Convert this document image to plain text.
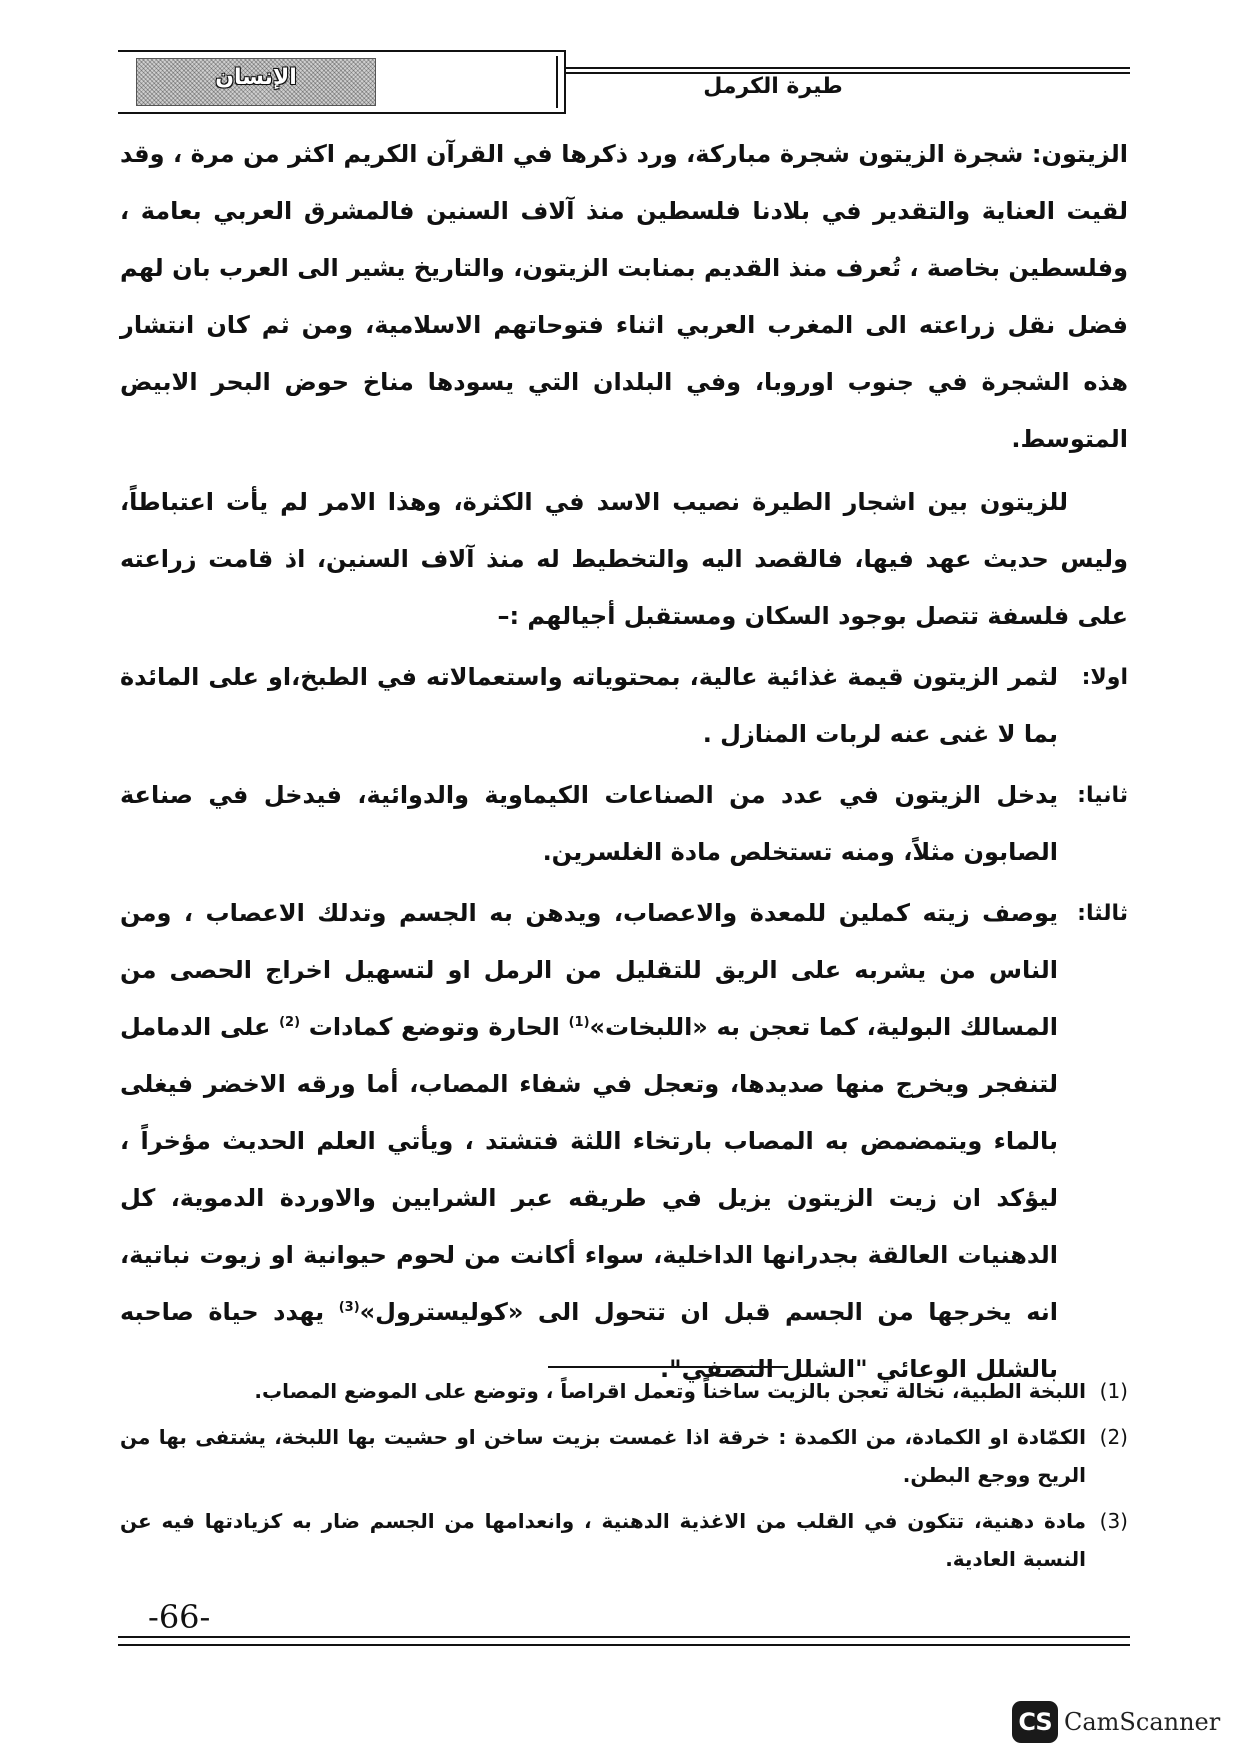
الإنسان	طيرة الكرمل

الزيتون: شجرة الزيتون شجرة مباركة، ورد ذكرها في القرآن الكريم اكثر من مرة ، وقد لقيت العناية والتقدير في بلادنا فلسطين منذ آلاف السنين فالمشرق العربي بعامة ، وفلسطين بخاصة ، تُعرف منذ القديم بمنابت الزيتون، والتاريخ يشير الى العرب بان لهم فضل نقل زراعته الى المغرب العربي اثناء فتوحاتهم الاسلامية، ومن ثم كان انتشار هذه الشجرة في جنوب اوروبا، وفي البلدان التي يسودها مناخ حوض البحر الابيض المتوسط.

للزيتون بين اشجار الطيرة نصيب الاسد في الكثرة، وهذا الامر لم يأت اعتباطاً، وليس حديث عهد فيها، فالقصد اليه والتخطيط له منذ آلاف السنين، اذ قامت زراعته على فلسفة تتصل بوجود السكان ومستقبل أجيالهم :–

اولا:
لثمر الزيتون قيمة غذائية عالية، بمحتوياته واستعمالاته في الطبخ،او على المائدة بما لا غنى عنه لربات المنازل .
ثانيا:
يدخل الزيتون في عدد من الصناعات الكيماوية والدوائية، فيدخل في صناعة الصابون مثلاً، ومنه تستخلص مادة الغلسرين.
ثالثا:
يوصف زيته كملين للمعدة والاعصاب، ويدهن به الجسم وتدلك الاعصاب ، ومن الناس من يشربه على الريق للتقليل من الرمل او لتسهيل اخراج الحصى من المسالك البولية، كما تعجن به «اللبخات»$^{(1)}$ الحارة وتوضع كمادات $^{(2)}$ على الدمامل لتنفجر ويخرج منها صديدها، وتعجل في شفاء المصاب، أما ورقه الاخضر فيغلى بالماء ويتمضمض به المصاب بارتخاء اللثة فتشتد ، ويأتي العلم الحديث مؤخراً ، ليؤكد ان زيت الزيتون يزيل في طريقه عبر الشرايين والاوردة الدموية، كل الدهنيات العالقة بجدرانها الداخلية، سواء أكانت من لحوم حيوانية او زيوت نباتية، انه يخرجها من الجسم قبل ان تتحول الى «كوليسترول»$^{(3)}$ يهدد حياة صاحبه بالشلل الوعائي "الشلل النصفي".
(1)
اللبخة الطبية، نخالة تعجن بالزيت ساخناً وتعمل اقراصاً ، وتوضع على الموضع المصاب.
(2)
الكمّادة او الكمادة، من الكمدة : خرقة اذا غمست بزيت ساخن او حشيت بها اللبخة، يشتفى بها من الريح ووجع البطن.
(3)
مادة دهنية، تتكون في القلب من الاغذية الدهنية ، وانعدامها من الجسم ضار به كزيادتها فيه عن النسبة العادية.
-66-
CS CamScanner
